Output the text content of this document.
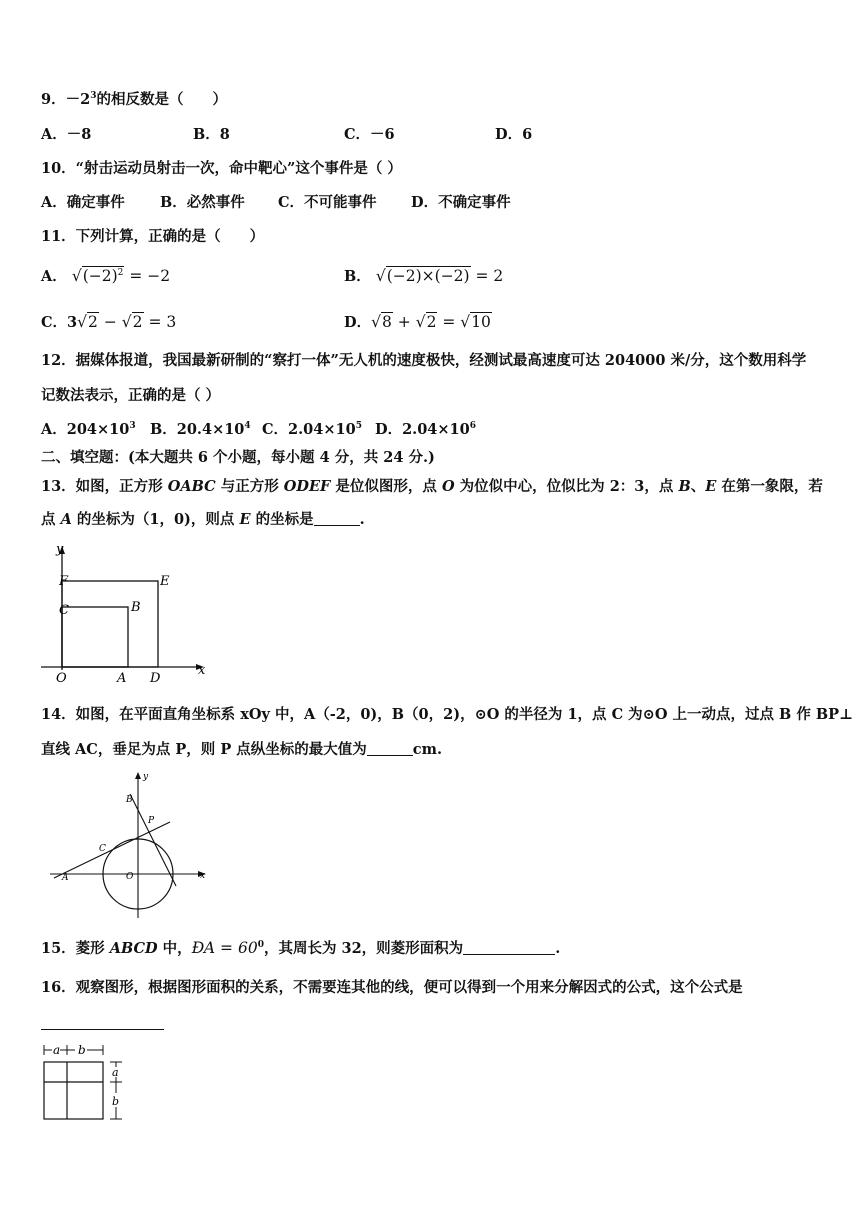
9．$-2^3$的相反数是（　　）
A．－8	B．8	C．－6	D．6
10．“射击运动员射击一次，命中靶心”这个事件是（ ）
A．确定事件 B．必然事件 C．不可能事件 D．不确定事件
11．下列计算，正确的是（　　）
A． $√(-2)^2 = -2$	B． √(−2)×(−2) = 2
C．3√2 − √2 = 3	D．√8 + √2 = √10
12．据媒体报道，我国最新研制的“察打一体”无人机的速度极快，经测试最高速度可达 204000 米/分，这个数用科学
记数法表示，正确的是（ ）
A．$204\times 10^3$ B．$20.4\times 10^4$ C．$2.04\times 10^5$ D．$2.04\times 10^6$
二、填空题：(本大题共 6 个小题，每小题 4 分，共 24 分.)
13．如图，正方形 OABC 与正方形 ODEF 是位似图形，点 O 为位似中心，位似比为 2：3，点 B、E 在第一象限，若
点 A 的坐标为（1，0)，则点 E 的坐标是	.
y
x
F	E
C	B
O	A D
14．如图，在平面直角坐标系 xOy 中，A（-2，0)，B（0，2)，⊙O 的半径为 1，点 C 为⊙O 上一动点，过点 B 作 BP⊥
直线 AC，垂足为点 P，则 P 点纵坐标的最大值为	cm.
y
x
B
P
C
A	O
15．菱形 ABCD 中，ÐA = $60^0$，其周长为 32，则菱形面积为	.
16．观察图形，根据图形面积的关系，不需要连其他的线，便可以得到一个用来分解因式的公式，这个公式是
a b
a
b
